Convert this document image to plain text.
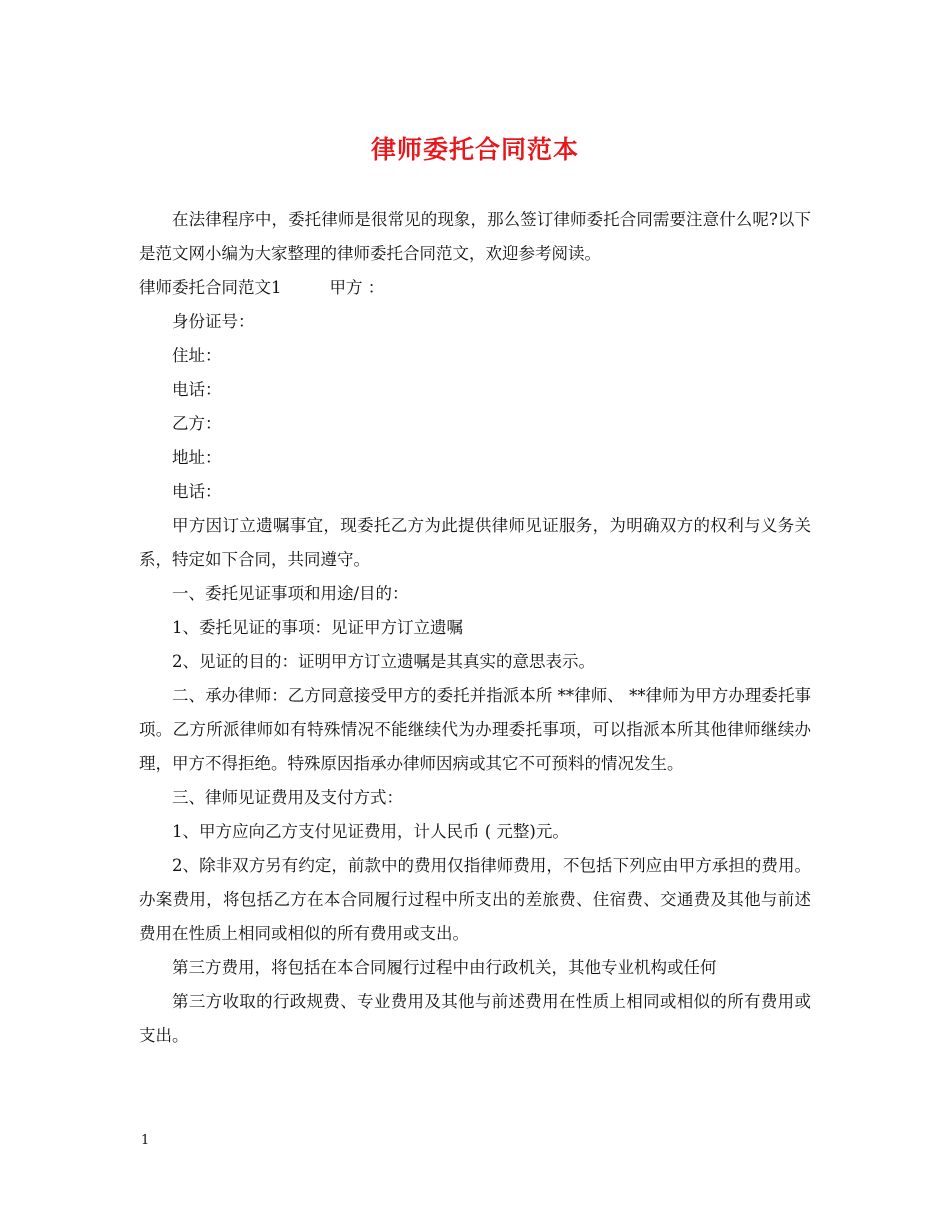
律师委托合同范本

在法律程序中，委托律师是很常见的现象，那么签订律师委托合同需要注意什么呢?以下是范文网小编为大家整理的律师委托合同范文，欢迎参考阅读。

律师委托合同范文1	甲方 ：

身份证号：

住址：

电话：

乙方：

地址：

电话：

甲方因订立遗嘱事宜，现委托乙方为此提供律师见证服务，为明确双方的权利与义务关系，特定如下合同，共同遵守。

一、委托见证事项和用途/目的：

1、委托见证的事项：见证甲方订立遗嘱

2、见证的目的：证明甲方订立遗嘱是其真实的意思表示。

二、承办律师：乙方同意接受甲方的委托并指派本所 **律师、 **律师为甲方办理委托事项。乙方所派律师如有特殊情况不能继续代为办理委托事项，可以指派本所其他律师继续办理，甲方不得拒绝。特殊原因指承办律师因病或其它不可预料的情况发生。

三、律师见证费用及支付方式：

1、甲方应向乙方支付见证费用，计人民币 ( 元整)元。

2、除非双方另有约定，前款中的费用仅指律师费用，不包括下列应由甲方承担的费用。办案费用，将包括乙方在本合同履行过程中所支出的差旅费、住宿费、交通费及其他与前述费用在性质上相同或相似的所有费用或支出。

第三方费用，将包括在本合同履行过程中由行政机关，其他专业机构或任何

第三方收取的行政规费、专业费用及其他与前述费用在性质上相同或相似的所有费用或支出。

1
